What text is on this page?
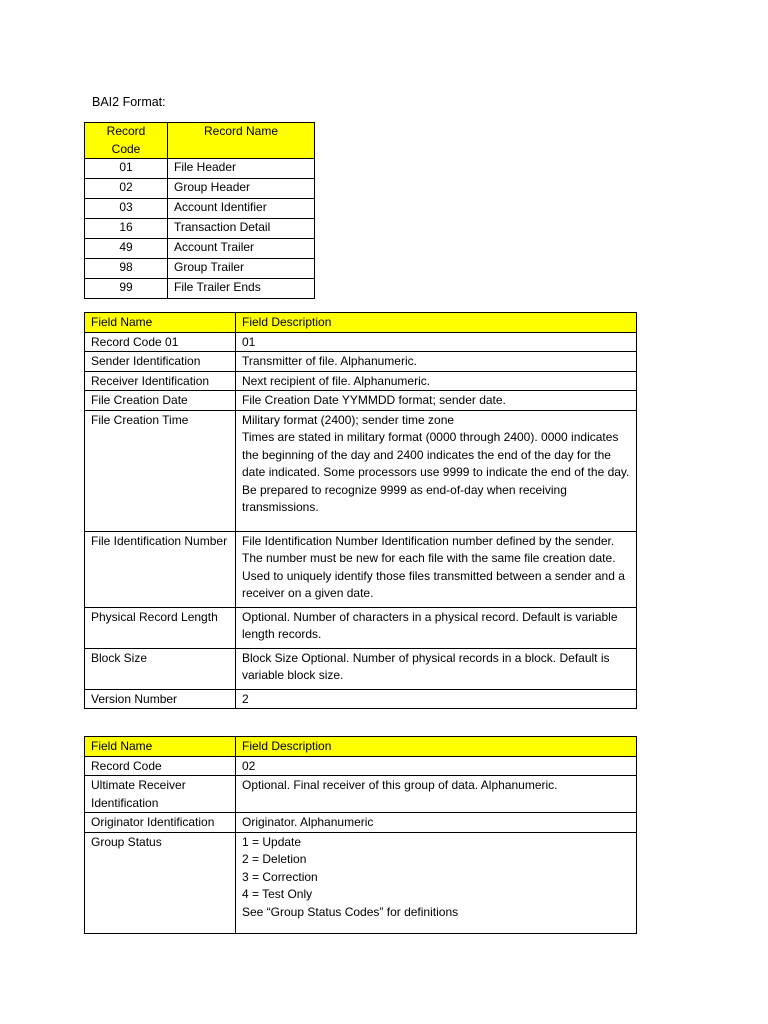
BAI2 Format:
Record Code	Record Name
01	File Header
02	Group Header
03	Account Identifier
16	Transaction Detail
49	Account Trailer
98	Group Trailer
99	File Trailer Ends
Field Name	Field Description
Record Code 01	01
Sender Identification	Transmitter of file. Alphanumeric.
Receiver Identification	Next recipient of file. Alphanumeric.
File Creation Date	File Creation Date YYMMDD format; sender date.
File Creation Time	Military format (2400); sender time zone
Times are stated in military format (0000 through 2400). 0000 indicates the beginning of the day and 2400 indicates the end of the day for the date indicated. Some processors use 9999 to indicate the end of the day. Be prepared to recognize 9999 as end-of-day when receiving transmissions.

File Identification Number	File Identification Number Identification number defined by the sender. The number must be new for each file with the same file creation date. Used to uniquely identify those files transmitted between a sender and a receiver on a given date.
Physical Record Length	Optional. Number of characters in a physical record. Default is variable length records.
Block Size	Block Size Optional. Number of physical records in a block. Default is variable block size.
Version Number	2
Field Name	Field Description
Record Code	02
Ultimate Receiver Identification	Optional. Final receiver of this group of data. Alphanumeric.
Originator Identification	Originator. Alphanumeric
Group Status	1 = Update
2 = Deletion
3 = Correction
4 = Test Only
See “Group Status Codes” for definitions
